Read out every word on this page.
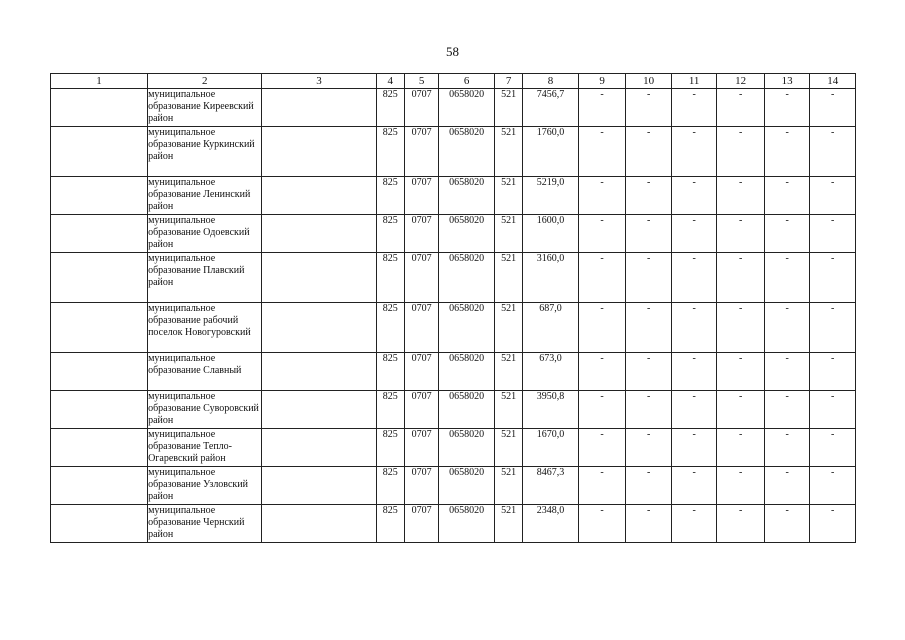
58
1	2	3	4	5	6	7	8	9	10	11	12	13	14
	муниципальное образование Киреевский район		825	0707	0658020	521	7456,7	-	-	-	-	-	-
	муниципальное образование Куркинский район		825	0707	0658020	521	1760,0	-	-	-	-	-	-
	муниципальное образование Ленинский район		825	0707	0658020	521	5219,0	-	-	-	-	-	-
	муниципальное образование Одоевский район		825	0707	0658020	521	1600,0	-	-	-	-	-	-
	муниципальное образование Плавский район		825	0707	0658020	521	3160,0	-	-	-	-	-	-
	муниципальное образование рабочий поселок Новогуровский		825	0707	0658020	521	687,0	-	-	-	-	-	-
	муниципальное образование Славный		825	0707	0658020	521	673,0	-	-	-	-	-	-
	муниципальное образование Суворовский район		825	0707	0658020	521	3950,8	-	-	-	-	-	-
	муниципальное образование Тепло-Огаревский район		825	0707	0658020	521	1670,0	-	-	-	-	-	-
	муниципальное образование Узловский район		825	0707	0658020	521	8467,3	-	-	-	-	-	-
	муниципальное образование Чернский район		825	0707	0658020	521	2348,0	-	-	-	-	-	-
